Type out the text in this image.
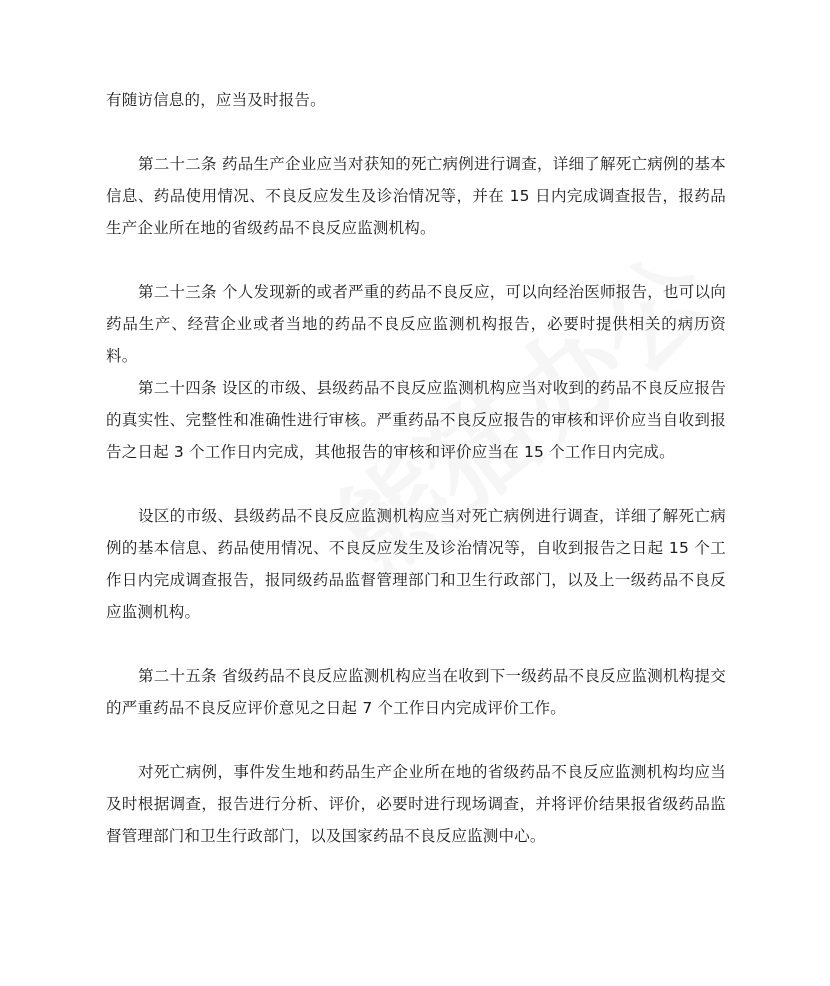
有随访信息的，应当及时报告。

第二十二条 药品生产企业应当对获知的死亡病例进行调查，详细了解死亡病例的基本信息、药品使用情况、不良反应发生及诊治情况等，并在 15 日内完成调查报告，报药品生产企业所在地的省级药品不良反应监测机构。

第二十三条 个人发现新的或者严重的药品不良反应，可以向经治医师报告，也可以向药品生产、经营企业或者当地的药品不良反应监测机构报告，必要时提供相关的病历资料。

第二十四条 设区的市级、县级药品不良反应监测机构应当对收到的药品不良反应报告的真实性、完整性和准确性进行审核。严重药品不良反应报告的审核和评价应当自收到报告之日起 3 个工作日内完成，其他报告的审核和评价应当在 15 个工作日内完成。

设区的市级、县级药品不良反应监测机构应当对死亡病例进行调查，详细了解死亡病例的基本信息、药品使用情况、不良反应发生及诊治情况等，自收到报告之日起 15 个工作日内完成调查报告，报同级药品监督管理部门和卫生行政部门，以及上一级药品不良反应监测机构。

第二十五条 省级药品不良反应监测机构应当在收到下一级药品不良反应监测机构提交的严重药品不良反应评价意见之日起 7 个工作日内完成评价工作。

对死亡病例，事件发生地和药品生产企业所在地的省级药品不良反应监测机构均应当及时根据调查，报告进行分析、评价，必要时进行现场调查，并将评价结果报省级药品监督管理部门和卫生行政部门，以及国家药品不良反应监测中心。
